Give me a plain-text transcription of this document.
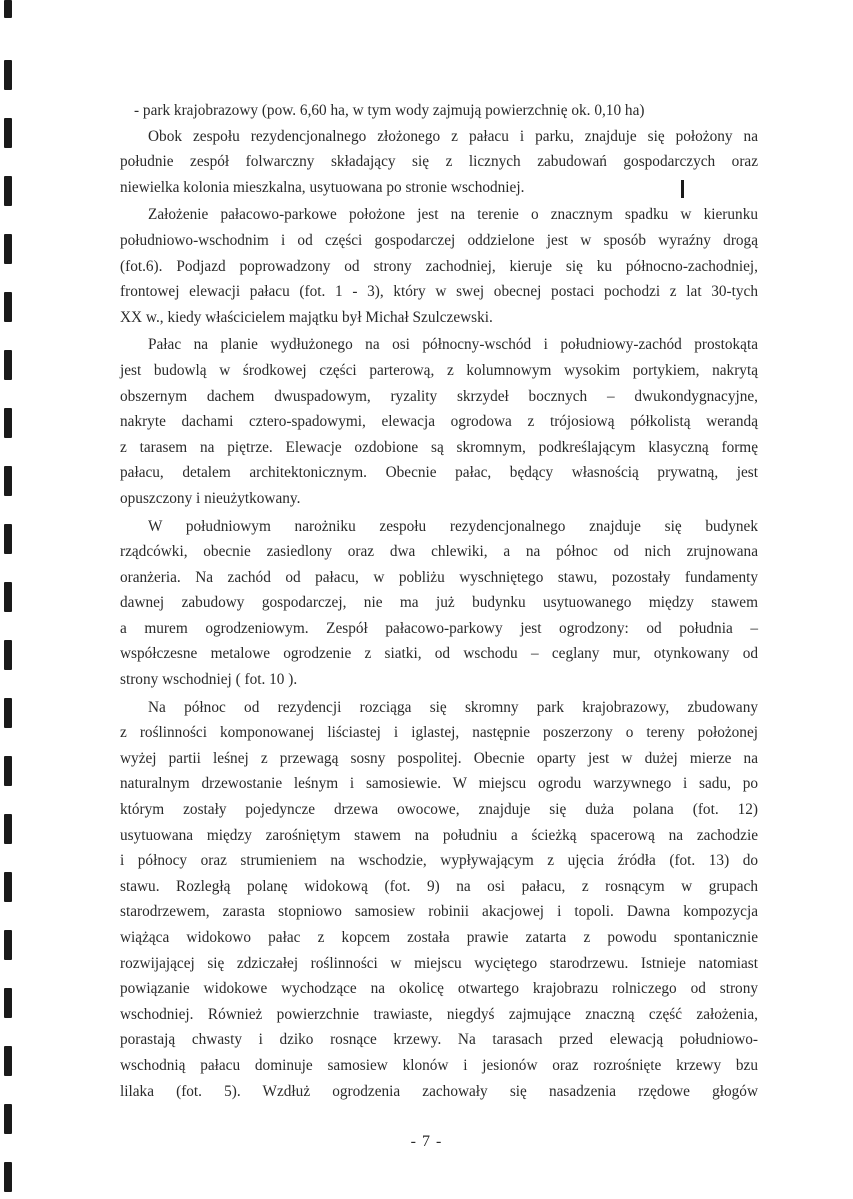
- park krajobrazowy (pow. 6,60 ha, w tym wody zajmują powierzchnię ok. 0,10 ha)
Obok zespołu rezydencjonalnego złożonego z pałacu i parku, znajduje się położony na
południe zespół folwarczny składający się z licznych zabudowań gospodarczych oraz
niewielka kolonia mieszkalna, usytuowana po stronie wschodniej.
Założenie pałacowo-parkowe położone jest na terenie o znacznym spadku w kierunku
południowo-wschodnim i od części gospodarczej oddzielone jest w sposób wyraźny drogą
(fot.6). Podjazd poprowadzony od strony zachodniej, kieruje się ku północno-zachodniej,
frontowej elewacji pałacu (fot. 1 - 3), który w swej obecnej postaci pochodzi z lat 30-tych
XX w., kiedy właścicielem majątku był Michał Szulczewski.
Pałac na planie wydłużonego na osi północny-wschód i południowy-zachód prostokąta
jest budowlą w środkowej części parterową, z kolumnowym wysokim portykiem, nakrytą
obszernym dachem dwuspadowym, ryzality skrzydeł bocznych – dwukondygnacyjne,
nakryte dachami cztero-spadowymi, elewacja ogrodowa z trójosiową półkolistą werandą
z tarasem na piętrze. Elewacje ozdobione są skromnym, podkreślającym klasyczną formę
pałacu, detalem architektonicznym. Obecnie pałac, będący własnością prywatną, jest
opuszczony i nieużytkowany.
W południowym narożniku zespołu rezydencjonalnego znajduje się budynek
rządcówki, obecnie zasiedlony oraz dwa chlewiki, a na północ od nich zrujnowana
oranżeria. Na zachód od pałacu, w pobliżu wyschniętego stawu, pozostały fundamenty
dawnej zabudowy gospodarczej, nie ma już budynku usytuowanego między stawem
a murem ogrodzeniowym. Zespół pałacowo-parkowy jest ogrodzony: od południa –
współczesne metalowe ogrodzenie z siatki, od wschodu – ceglany mur, otynkowany od
strony wschodniej ( fot. 10 ).
Na północ od rezydencji rozciąga się skromny park krajobrazowy, zbudowany
z roślinności komponowanej liściastej i iglastej, następnie poszerzony o tereny położonej
wyżej partii leśnej z przewagą sosny pospolitej. Obecnie oparty jest w dużej mierze na
naturalnym drzewostanie leśnym i samosiewie. W miejscu ogrodu warzywnego i sadu, po
którym zostały pojedyncze drzewa owocowe, znajduje się duża polana (fot. 12)
usytuowana między zarośniętym stawem na południu a ścieżką spacerową na zachodzie
i północy oraz strumieniem na wschodzie, wypływającym z ujęcia źródła (fot. 13) do
stawu. Rozległą polanę widokową (fot. 9) na osi pałacu, z rosnącym w grupach
starodrzewem, zarasta stopniowo samosiew robinii akacjowej i topoli. Dawna kompozycja
wiążąca widokowo pałac z kopcem została prawie zatarta z powodu spontanicznie
rozwijającej się zdziczałej roślinności w miejscu wyciętego starodrzewu. Istnieje natomiast
powiązanie widokowe wychodzące na okolicę otwartego krajobrazu rolniczego od strony
wschodniej. Również powierzchnie trawiaste, niegdyś zajmujące znaczną część założenia,
porastają chwasty i dziko rosnące krzewy. Na tarasach przed elewacją południowo-
wschodnią pałacu dominuje samosiew klonów i jesionów oraz rozrośnięte krzewy bzu
lilaka (fot. 5). Wzdłuż ogrodzenia zachowały się nasadzenia rzędowe głogów
- 7 -
